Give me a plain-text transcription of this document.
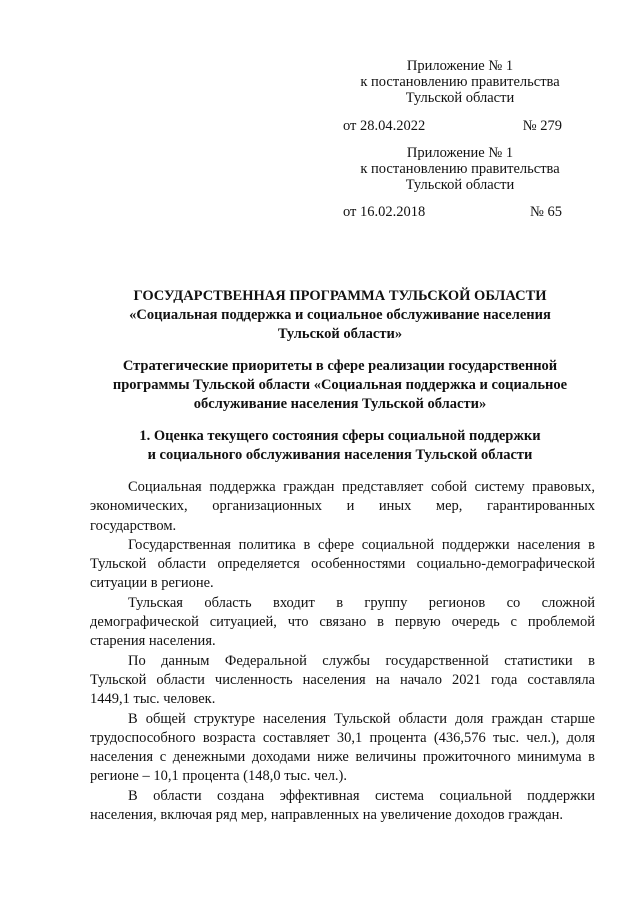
Приложение № 1
к постановлению правительства
Тульской области
от 28.04.2022	№ 279
Приложение № 1
к постановлению правительства
Тульской области
от 16.02.2018	№ 65
ГОСУДАРСТВЕННАЯ ПРОГРАММА ТУЛЬСКОЙ ОБЛАСТИ
«Социальная поддержка и социальное обслуживание населения
Тульской области»
Стратегические приоритеты в сфере реализации государственной
программы Тульской области «Социальная поддержка и социальное
обслуживание населения Тульской области»
1. Оценка текущего состояния сферы социальной поддержки
и социального обслуживания населения Тульской области

Социальная поддержка граждан представляет собой систему правовых,
экономических, организационных и иных мер, гарантированных
государством.

Государственная политика в сфере социальной поддержки населения в
Тульской области определяется особенностями социально-демографической
ситуации в регионе.

Тульская область входит в группу регионов со сложной
демографической ситуацией, что связано в первую очередь с проблемой
старения населения.

По данным Федеральной службы государственной статистики в
Тульской области численность населения на начало 2021 года составляла
1449,1 тыс. человек.

В общей структуре населения Тульской области доля граждан старше
трудоспособного возраста составляет 30,1 процента (436,576 тыс. чел.), доля
населения с денежными доходами ниже величины прожиточного минимума в
регионе – 10,1 процента (148,0 тыс. чел.).

В области создана эффективная система социальной поддержки
населения, включая ряд мер, направленных на увеличение доходов граждан.
